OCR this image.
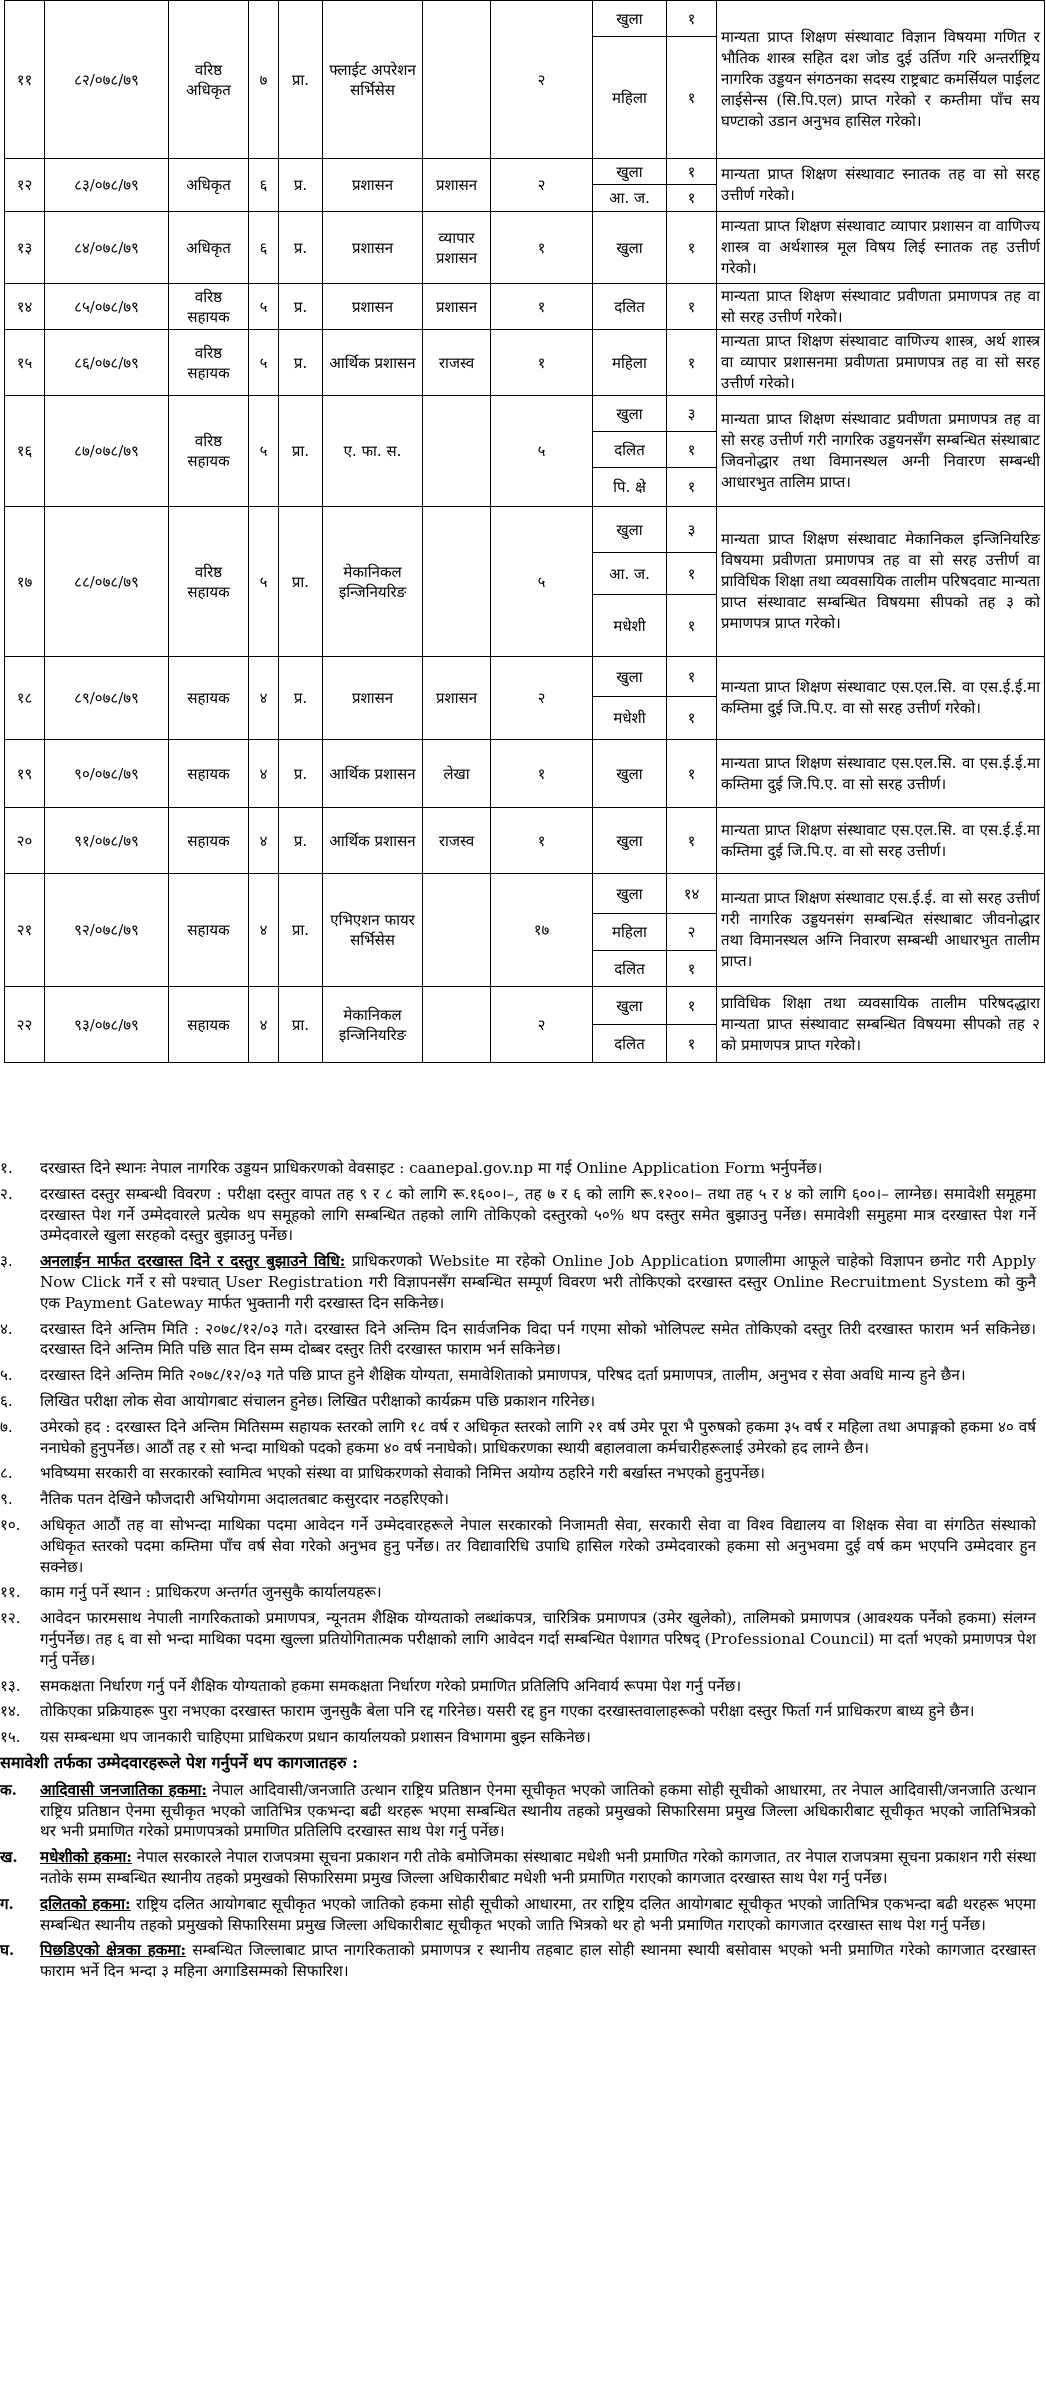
११	८२/०७८/७९	वरिष्ठ अधिकृत	७	प्रा.	फ्लाईट अपरेशन सर्भिसेस		२	खुला	१	मान्यता प्राप्त शिक्षण संस्थावाट विज्ञान विषयमा गणित र भौतिक शास्त्र सहित दश जोड दुई उर्तिण गरि अन्तर्राष्ट्रिय नागरिक उड्डयन संगठनका सदस्य राष्ट्रबाट कमर्सियल पाईलट लाईसेन्स (सि.पि.एल) प्राप्त गरेको र कम्तीमा पाँच सय घण्टाको उडान अनुभव हासिल गरेको।
								महिला	१	
१२	८३/०७८/७९	अधिकृत	६	प्र.	प्रशासन	प्रशासन	२	खुला	१	मान्यता प्राप्त शिक्षण संस्थावाट स्नातक तह वा सो सरह उत्तीर्ण गरेको।
								आ. ज.	१	
१३	८४/०७८/७९	अधिकृत	६	प्र.	प्रशासन	व्यापार प्रशासन	१	खुला	१	मान्यता प्राप्त शिक्षण संस्थावाट व्यापार प्रशासन वा वाणिज्य शास्त्र वा अर्थशास्त्र मूल विषय लिई स्नातक तह उत्तीर्ण गरेको।
१४	८५/०७८/७९	वरिष्ठ सहायक	५	प्र.	प्रशासन	प्रशासन	१	दलित	१	मान्यता प्राप्त शिक्षण संस्थावाट प्रवीणता प्रमाणपत्र तह वा सो सरह उत्तीर्ण गरेको।
१५	८६/०७८/७९	वरिष्ठ सहायक	५	प्र.	आर्थिक प्रशासन	राजस्व	१	महिला	१	मान्यता प्राप्त शिक्षण संस्थावाट वाणिज्य शास्त्र, अर्थ शास्त्र वा व्यापार प्रशासनमा प्रवीणता प्रमाणपत्र तह वा सो सरह उत्तीर्ण गरेको।
१६	८७/०७८/७९	वरिष्ठ सहायक	५	प्रा.	ए. फा. स.		५	खुला	३	मान्यता प्राप्त शिक्षण संस्थावाट प्रवीणता प्रमाणपत्र तह वा सो सरह उत्तीर्ण गरी नागरिक उड्डयनसँग सम्बन्धित संस्थाबाट जिवनोद्धार तथा विमानस्थल अग्नी निवारण सम्बन्धी आधारभुत तालिम प्राप्त।
								दलित	१	
								पि. क्षे	१	
१७	८८/०७८/७९	वरिष्ठ सहायक	५	प्रा.	मेकानिकल इन्जिनियरिङ		५	खुला	३	मान्यता प्राप्त शिक्षण संस्थावाट मेकानिकल इन्जिनियरिङ विषयमा प्रवीणता प्रमाणपत्र तह वा सो सरह उत्तीर्ण वा प्राविधिक शिक्षा तथा व्यवसायिक तालीम परिषदवाट मान्यता प्राप्त संस्थावाट सम्बन्धित विषयमा सीपको तह ३ को प्रमाणपत्र प्राप्त गरेको।
								आ. ज.	१	
								मधेशी	१	
१८	८९/०७८/७९	सहायक	४	प्र.	प्रशासन	प्रशासन	२	खुला	१	मान्यता प्राप्त शिक्षण संस्थावाट एस.एल.सि. वा एस.ई.ई.मा कम्तिमा दुई जि.पि.ए. वा सो सरह उत्तीर्ण गरेको।
								मधेशी	१	
१९	९०/०७८/७९	सहायक	४	प्र.	आर्थिक प्रशासन	लेखा	१	खुला	१	मान्यता प्राप्त शिक्षण संस्थावाट एस.एल.सि. वा एस.ई.ई.मा कम्तिमा दुई जि.पि.ए. वा सो सरह उत्तीर्ण।
२०	९१/०७८/७९	सहायक	४	प्र.	आर्थिक प्रशासन	राजस्व	१	खुला	१	मान्यता प्राप्त शिक्षण संस्थावाट एस.एल.सि. वा एस.ई.ई.मा कम्तिमा दुई जि.पि.ए. वा सो सरह उत्तीर्ण।
२१	९२/०७८/७९	सहायक	४	प्रा.	एभिएशन फायर सर्भिसेस		१७	खुला	१४	मान्यता प्राप्त शिक्षण संस्थावाट एस.ई.ई. वा सो सरह उत्तीर्ण गरी नागरिक उड्डयनसंग सम्बन्धित संस्थाबाट जीवनोद्धार तथा विमानस्थल अग्नि निवारण सम्बन्धी आधारभुत तालीम प्राप्त।
								महिला	२	
								दलित	१	
२२	९३/०७८/७९	सहायक	४	प्रा.	मेकानिकल इन्जिनियरिङ		२	खुला	१	प्राविधिक शिक्षा तथा व्यवसायिक तालीम परिषदद्धारा मान्यता प्राप्त संस्थावाट सम्बन्धित विषयमा सीपको तह २ को प्रमाणपत्र प्राप्त गरेको।
								दलित	१	
१.	दरखास्त दिने स्थानः नेपाल नागरिक उड्डयन प्राधिकरणको वेवसाइट : caanepal.gov.np मा गई Online Application Form भर्नुपर्नेछ।
२.	दरखास्त दस्तुर सम्बन्धी विवरण : परीक्षा दस्तुर वापत तह ९ र ८ को लागि रू.१६००।–, तह ७ र ६ को लागि रू.१२००।– तथा तह ५ र ४ को लागि ६००।– लाग्नेछ। समावेशी समूहमा दरखास्त पेश गर्ने उम्मेदवारले प्रत्येक थप समूहको लागि सम्बन्धित तहको लागि तोकिएको दस्तुरको ५०% थप दस्तुर समेत बुझाउनु पर्नेछ। समावेशी समुहमा मात्र दरखास्त पेश गर्ने उम्मेदवारले खुला सरहको दस्तुर बुझाउनु पर्नेछ।
३.	अनलाईन मार्फत दरखास्त दिने र दस्तुर बुझाउने विधि: प्राधिकरणको Website मा रहेको Online Job Application प्रणालीमा आफूले चाहेको विज्ञापन छनोट गरी Apply Now Click गर्ने र सो पश्चात् User Registration गरी विज्ञापनसँग सम्बन्धित सम्पूर्ण विवरण भरी तोकिएको दरखास्त दस्तुर Online Recruitment System को कुनै एक Payment Gateway मार्फत भुक्तानी गरी दरखास्त दिन सकिनेछ।
४.	दरखास्त दिने अन्तिम मिति : २०७८/१२/०३ गते। दरखास्त दिने अन्तिम दिन सार्वजनिक विदा पर्न गएमा सोको भोलिपल्ट समेत तोकिएको दस्तुर तिरी दरखास्त फाराम भर्न सकिनेछ। दरखास्त दिने अन्तिम मिति पछि सात दिन सम्म दोब्बर दस्तुर तिरी दरखास्त फाराम भर्न सकिनेछ।
५.	दरखास्त दिने अन्तिम मिति २०७८/१२/०३ गते पछि प्राप्त हुने शैक्षिक योग्यता, समावेशिताको प्रमाणपत्र, परिषद दर्ता प्रमाणपत्र, तालीम, अनुभव र सेवा अवधि मान्य हुने छैन।
६.	लिखित परीक्षा लोक सेवा आयोगबाट संचालन हुनेछ। लिखित परीक्षाको कार्यक्रम पछि प्रकाशन गरिनेछ।
७.	उमेरको हद : दरखास्त दिने अन्तिम मितिसम्म सहायक स्तरको लागि १८ वर्ष र अधिकृत स्तरको लागि २१ वर्ष उमेर पूरा भै पुरुषको हकमा ३५ वर्ष र महिला तथा अपाङ्गको हकमा ४० वर्ष ननाघेको हुनुपर्नेछ। आठौं तह र सो भन्दा माथिको पदको हकमा ४० वर्ष ननाघेको। प्राधिकरणका स्थायी बहालवाला कर्मचारीहरूलाई उमेरको हद लाग्ने छैन।
८.	भविष्यमा सरकारी वा सरकारको स्वामित्व भएको संस्था वा प्राधिकरणको सेवाको निमित्त अयोग्य ठहरिने गरी बर्खास्त नभएको हुनुपर्नेछ।
९.	नैतिक पतन देखिने फौजदारी अभियोगमा अदालतबाट कसुरदार नठहरिएको।
१०.	अधिकृत आठौं तह वा सोभन्दा माथिका पदमा आवेदन गर्ने उम्मेदवारहरूले नेपाल सरकारको निजामती सेवा, सरकारी सेवा वा विश्व विद्यालय वा शिक्षक सेवा वा संगठित संस्थाको अधिकृत स्तरको पदमा कम्तिमा पाँच वर्ष सेवा गरेको अनुभव हुनु पर्नेछ। तर विद्यावारिधि उपाधि हासिल गरेको उम्मेदवारको हकमा सो अनुभवमा दुई वर्ष कम भएपनि उम्मेदवार हुन सक्नेछ।
११.	काम गर्नु पर्ने स्थान : प्राधिकरण अन्तर्गत जुनसुकै कार्यालयहरू।
१२.	आवेदन फारमसाथ नेपाली नागरिकताको प्रमाणपत्र, न्यूनतम शैक्षिक योग्यताको लब्धांकपत्र, चारित्रिक प्रमाणपत्र (उमेर खुलेको), तालिमको प्रमाणपत्र (आवश्यक पर्नेको हकमा) संलग्न गर्नुपर्नेछ। तह ६ वा सो भन्दा माथिका पदमा खुल्ला प्रतियोगितात्मक परीक्षाको लागि आवेदन गर्दा सम्बन्धित पेशागत परिषद् (Professional Council) मा दर्ता भएको प्रमाणपत्र पेश गर्नु पर्नेछ।
१३.	समकक्षता निर्धारण गर्नु पर्ने शैक्षिक योग्यताको हकमा समकक्षता निर्धारण गरेको प्रमाणित प्रतिलिपि अनिवार्य रूपमा पेश गर्नु पर्नेछ।
१४.	तोकिएका प्रक्रियाहरू पुरा नभएका दरखास्त फाराम जुनसुकै बेला पनि रद्द गरिनेछ। यसरी रद्द हुन गएका दरखास्तवालाहरूको परीक्षा दस्तुर फिर्ता गर्न प्राधिकरण बाध्य हुने छैन।
१५.	यस सम्बन्धमा थप जानकारी चाहिएमा प्राधिकरण प्रधान कार्यालयको प्रशासन विभागमा बुझ्न सकिनेछ।
समावेशी तर्फका उम्मेदवारहरूले पेश गर्नुपर्ने थप कागजातहरु :
क.	आदिवासी जनजातिका हकमा: नेपाल आदिवासी/जनजाति उत्थान राष्ट्रिय प्रतिष्ठान ऐनमा सूचीकृत भएको जातिको हकमा सोही सूचीको आधारमा, तर नेपाल आदिवासी/जनजाति उत्थान राष्ट्रिय प्रतिष्ठान ऐनमा सूचीकृत भएको जातिभित्र एकभन्दा बढी थरहरू भएमा सम्बन्धित स्थानीय तहको प्रमुखको सिफारिसमा प्रमुख जिल्ला अधिकारीबाट सूचीकृत भएको जातिभित्रको थर भनी प्रमाणित गरेको प्रमाणपत्रको प्रमाणित प्रतिलिपि दरखास्त साथ पेश गर्नु पर्नेछ।
ख.	मधेशीको हकमा: नेपाल सरकारले नेपाल राजपत्रमा सूचना प्रकाशन गरी तोके बमोजिमका संस्थाबाट मधेशी भनी प्रमाणित गरेको कागजात, तर नेपाल राजपत्रमा सूचना प्रकाशन गरी संस्था नतोके सम्म सम्बन्धित स्थानीय तहको प्रमुखको सिफारिसमा प्रमुख जिल्ला अधिकारीबाट मधेशी भनी प्रमाणित गराएको कागजात दरखास्त साथ पेश गर्नु पर्नेछ।
ग.	दलितको हकमा: राष्ट्रिय दलित आयोगबाट सूचीकृत भएको जातिको हकमा सोही सूचीको आधारमा, तर राष्ट्रिय दलित आयोगबाट सूचीकृत भएको जातिभित्र एकभन्दा बढी थरहरू भएमा सम्बन्धित स्थानीय तहको प्रमुखको सिफारिसमा प्रमुख जिल्ला अधिकारीबाट सूचीकृत भएको जाति भित्रको थर हो भनी प्रमाणित गराएको कागजात दरखास्त साथ पेश गर्नु पर्नेछ।
घ.	पिछडिएको क्षेत्रका हकमा: सम्बन्धित जिल्लाबाट प्राप्त नागरिकताको प्रमाणपत्र र स्थानीय तहबाट हाल सोही स्थानमा स्थायी बसोवास भएको भनी प्रमाणित गरेको कागजात दरखास्त फाराम भर्ने दिन भन्दा ३ महिना अगाडिसम्मको सिफारिश।
